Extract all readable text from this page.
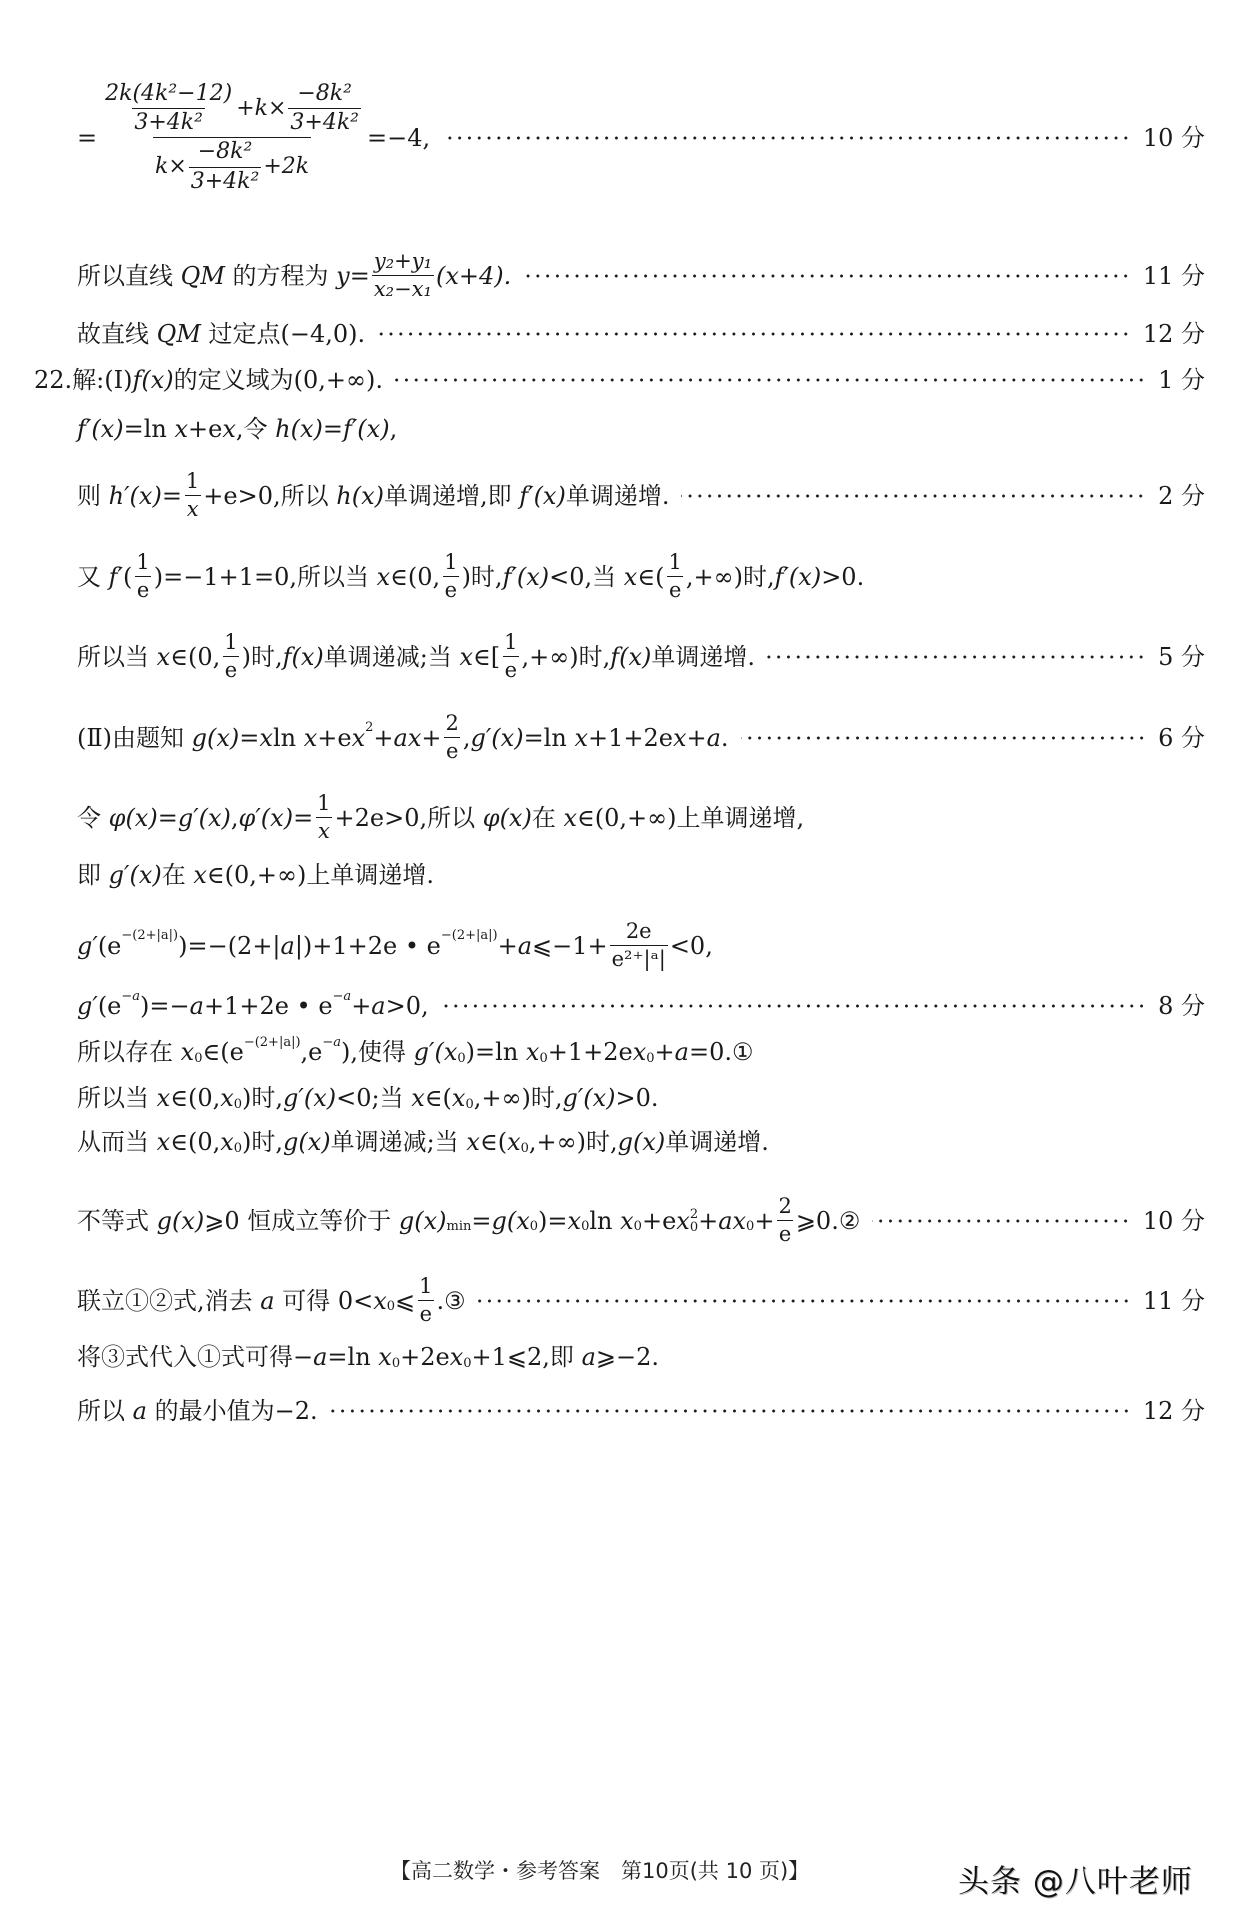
=
$\frac{\text{2k(4k²−12)}}{\text{3+4k²}} +k\times \frac{\text{−8k²}}{\text{3+4k²}}$
$k\times \frac{\text{−8k²}}{\text{3+4k²}} +2k$
=−4,	10 分
所以直线 QM 的方程为 $y = \frac{\text{y₂+y₁}}{\text{x₂−x₁}} (x+4)$.	11 分
故直线 QM 过定点(−4,0).	12 分
22.解:(Ⅰ) f(x) 的定义域为(0,+∞).	1 分
f′(x) =ln x +e x ,令 h(x) = f′(x) ,
则 $h'(x) = \frac{1}{x} +e>0$,所以 h(x) 单调递增,即 f′(x) 单调递增.	2 分
又 f′ ( $\frac{1}{e} )=-1+1=0$,所以当 x ∈(0, $\frac{1}{e}$ )时, f′(x) <0,当 x ∈( $\frac{1}{e}$ ,+∞)时, f′(x) >0.
所以当 x ∈(0, $\frac{1}{e}$ )时, f(x) 单调递减;当 x ∈[ $\frac{1}{e}$ ,+∞)时, f(x) 单调递增.	5 分
(Ⅱ)由题知 g(x) = x ln x +e x 2 + ax + $\frac{2}{e}$ , g′(x) =ln x +1+2e x + a .	6 分
令 φ(x) = g′(x) , $\varphi'(x) = \frac{1}{x} +2e>0$,所以 φ(x) 在 x ∈(0,+∞)上单调递增,
即 g′(x) 在 x ∈(0,+∞)上单调递增.
g′ (e −(2+|a|) )=−(2+| a |)+1+2e • e −(2+|a|) + a ⩽−1+ $\frac{2e}{\text{e²⁺|ᵃ|}} <0$,
g′ (e −a )=− a +1+2e • e −a + a >0,	8 分
所以存在 x 0 ∈(e −(2+|a|) ,e −a ),使得 g′(x 0 ) =ln x 0 +1+2e x 0 + a =0.①
所以当 x ∈(0, x 0 )时, g′(x) <0;当 x ∈( x 0 ,+∞)时, g′(x) >0.
从而当 x ∈(0, x 0 )时, g(x) 单调递减;当 x ∈( x 0 ,+∞)时, g(x) 单调递增.
不等式 g(x) ⩾0 恒成立等价于 g(x) min = g(x 0 ) = x 0 ln x 0 +e x 2
0 + ax $0 + \frac{2}{e}$ ⩾0.②	10 分
联立①②式,消去 a 可得 0< x 0 ⩽ $\frac{1}{e}$ .③	11 分
将③式代入①式可得− a =ln x 0 +2e x 0 +1⩽2,即 a ⩾−2.
所以 a 的最小值为−2.	12 分
【高二数学・参考答案　第10页(共 10 页)】	头条 @八叶老师
